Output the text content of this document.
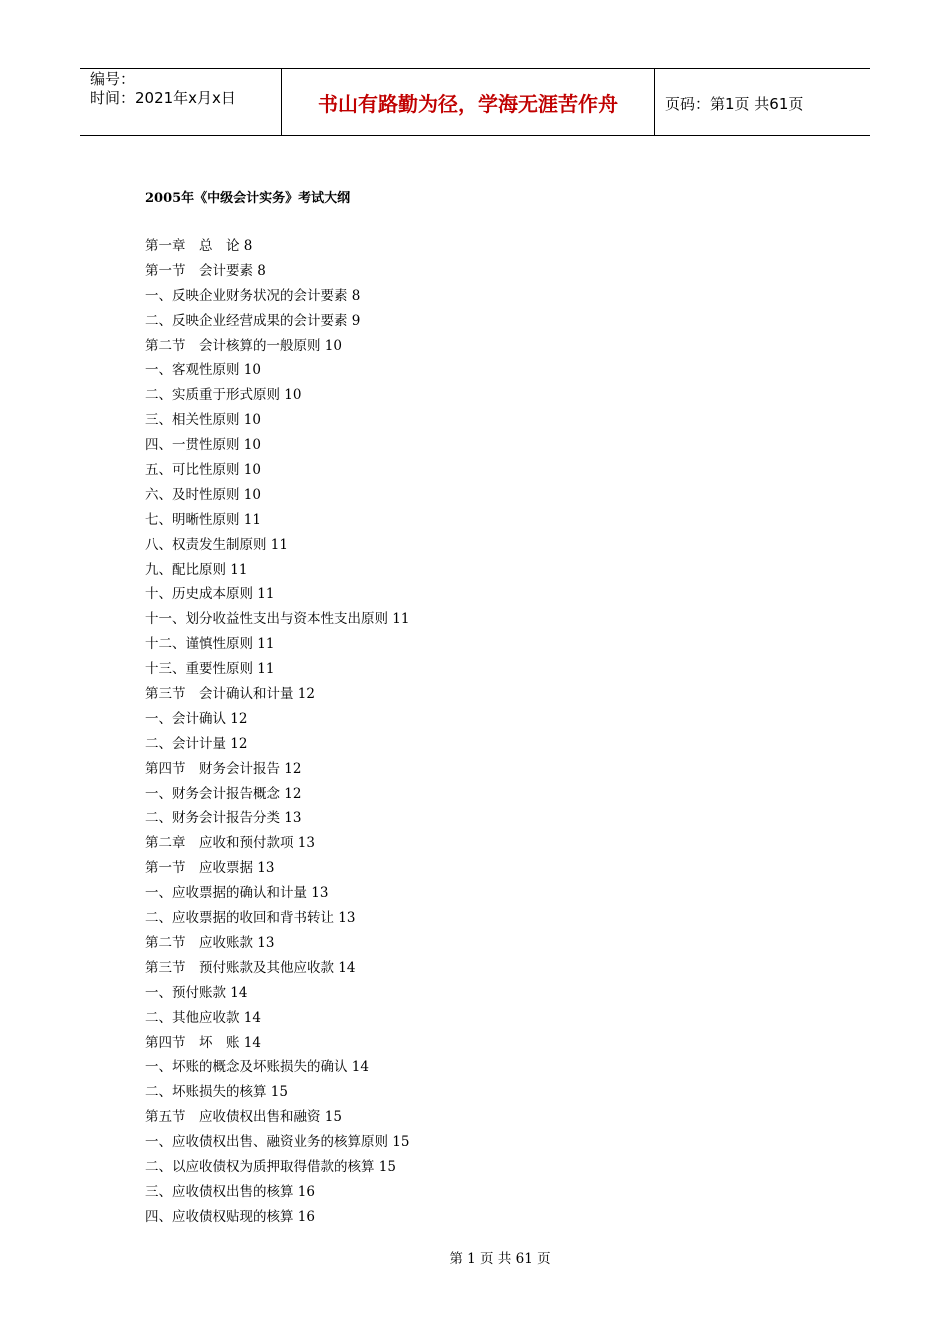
编号：
时间：2021年x月x日	书山有路勤为径，学海无涯苦作舟	页码：第1页 共61页
2005年《中级会计实务》考试大纲
第一章　总　论 8
第一节　会计要素 8
一、反映企业财务状况的会计要素 8
二、反映企业经营成果的会计要素 9
第二节　会计核算的一般原则 10
一、客观性原则 10
二、实质重于形式原则 10
三、相关性原则 10
四、一贯性原则 10
五、可比性原则 10
六、及时性原则 10
七、明晰性原则 11
八、权责发生制原则 11
九、配比原则 11
十、历史成本原则 11
十一、划分收益性支出与资本性支出原则 11
十二、谨慎性原则 11
十三、重要性原则 11
第三节　会计确认和计量 12
一、会计确认 12
二、会计计量 12
第四节　财务会计报告 12
一、财务会计报告概念 12
二、财务会计报告分类 13
第二章　应收和预付款项 13
第一节　应收票据 13
一、应收票据的确认和计量 13
二、应收票据的收回和背书转让 13
第二节　应收账款 13
第三节　预付账款及其他应收款 14
一、预付账款 14
二、其他应收款 14
第四节　坏　账 14
一、坏账的概念及坏账损失的确认 14
二、坏账损失的核算 15
第五节　应收债权出售和融资 15
一、应收债权出售、融资业务的核算原则 15
二、以应收债权为质押取得借款的核算 15
三、应收债权出售的核算 16
四、应收债权贴现的核算 16
第 1 页 共 61 页
